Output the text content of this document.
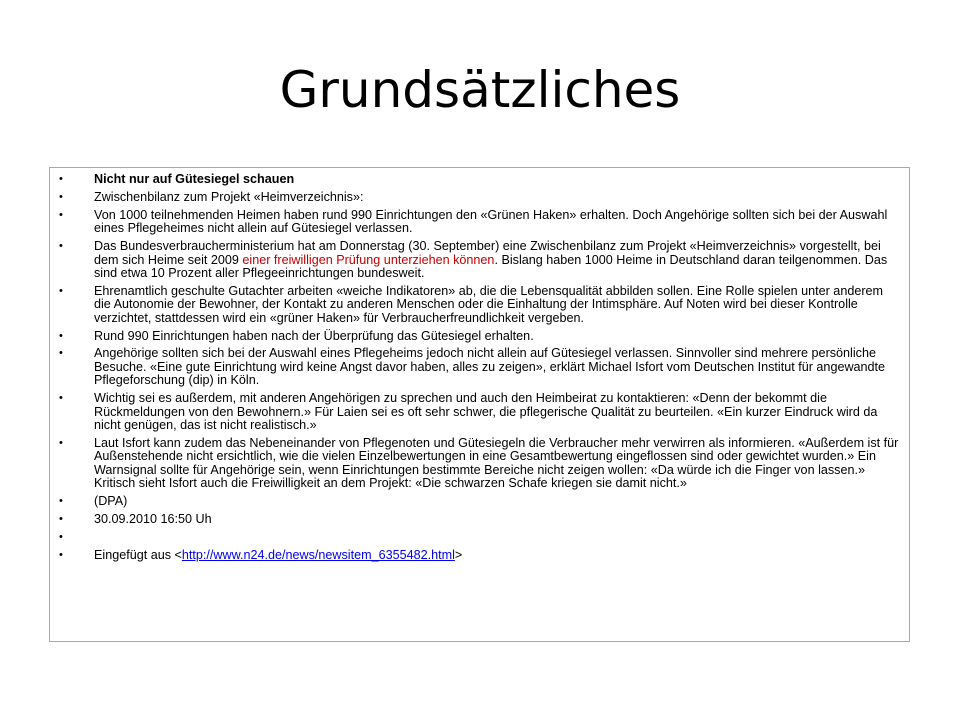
Grundsätzliches
• Nicht nur auf Gütesiegel schauen
• Zwischenbilanz zum Projekt «Heimverzeichnis»:
• Von 1000 teilnehmenden Heimen haben rund 990 Einrichtungen den «Grünen Haken» erhalten. Doch Angehörige sollten sich bei der Auswahl eines Pflegeheimes nicht allein auf Gütesiegel verlassen.
• Das Bundesverbraucherministerium hat am Donnerstag (30. September) eine Zwischenbilanz zum Projekt «Heimverzeichnis» vorgestellt, bei dem sich Heime seit 2009 einer freiwilligen Prüfung unterziehen können. Bislang haben 1000 Heime in Deutschland daran teilgenommen. Das sind etwa 10 Prozent aller Pflegeeinrichtungen bundesweit.
• Ehrenamtlich geschulte Gutachter arbeiten «weiche Indikatoren» ab, die die Lebensqualität abbilden sollen. Eine Rolle spielen unter anderem die Autonomie der Bewohner, der Kontakt zu anderen Menschen oder die Einhaltung der Intimsphäre. Auf Noten wird bei dieser Kontrolle verzichtet, stattdessen wird ein «grüner Haken» für Verbraucherfreundlichkeit vergeben.
• Rund 990 Einrichtungen haben nach der Überprüfung das Gütesiegel erhalten.
• Angehörige sollten sich bei der Auswahl eines Pflegeheims jedoch nicht allein auf Gütesiegel verlassen. Sinnvoller sind mehrere persönliche Besuche. «Eine gute Einrichtung wird keine Angst davor haben, alles zu zeigen», erklärt Michael Isfort vom Deutschen Institut für angewandte Pflegeforschung (dip) in Köln.
• Wichtig sei es außerdem, mit anderen Angehörigen zu sprechen und auch den Heimbeirat zu kontaktieren: «Denn der bekommt die Rückmeldungen von den Bewohnern.» Für Laien sei es oft sehr schwer, die pflegerische Qualität zu beurteilen. «Ein kurzer Eindruck wird da nicht genügen, das ist nicht realistisch.»
• Laut Isfort kann zudem das Nebeneinander von Pflegenoten und Gütesiegeln die Verbraucher mehr verwirren als informieren. «Außerdem ist für Außenstehende nicht ersichtlich, wie die vielen Einzelbewertungen in eine Gesamtbewertung eingeflossen sind oder gewichtet wurden.» Ein Warnsignal sollte für Angehörige sein, wenn Einrichtungen bestimmte Bereiche nicht zeigen wollen: «Da würde ich die Finger von lassen.» Kritisch sieht Isfort auch die Freiwilligkeit an dem Projekt: «Die schwarzen Schafe kriegen sie damit nicht.»
• (DPA)
• 30.09.2010 16:50 Uh
•

• Eingefügt aus <http://www.n24.de/news/newsitem_6355482.html>
